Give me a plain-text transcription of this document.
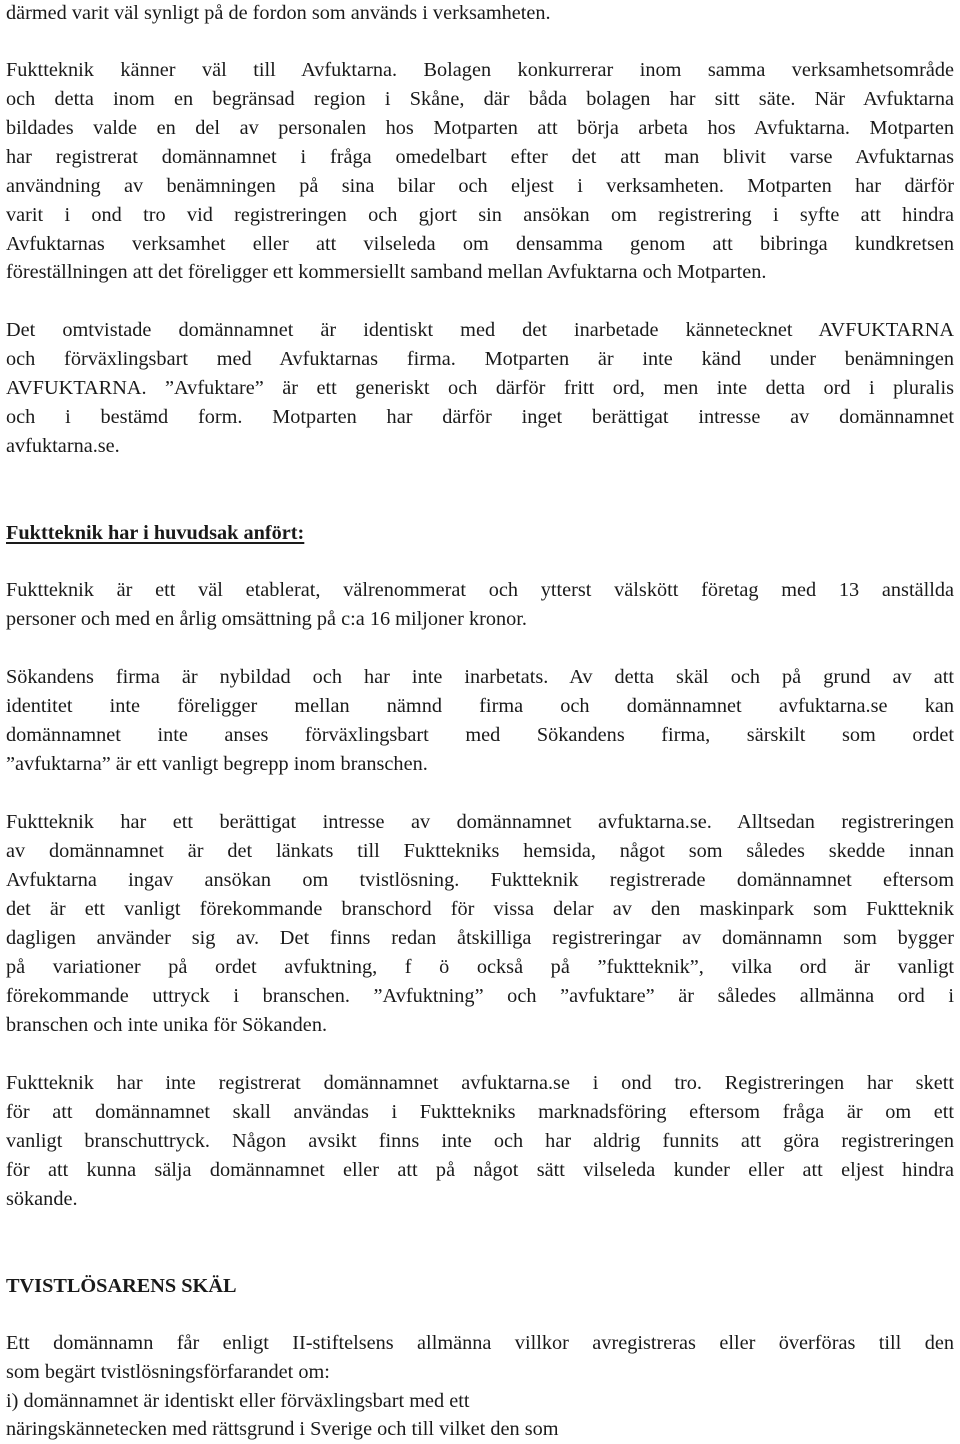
därmed varit väl synligt på de fordon som används i verksamheten.
Fuktteknik känner väl till Avfuktarna. Bolagen konkurrerar inom samma verksamhetsområde
och detta inom en begränsad region i Skåne, där båda bolagen har sitt säte. När Avfuktarna
bildades valde en del av personalen hos Motparten att börja arbeta hos Avfuktarna. Motparten
har registrerat domännamnet i fråga omedelbart efter det att man blivit varse Avfuktarnas
användning av benämningen på sina bilar och eljest i verksamheten. Motparten har därför
varit i ond tro vid registreringen och gjort sin ansökan om registrering i syfte att hindra
Avfuktarnas verksamhet eller att vilseleda om densamma genom att bibringa kundkretsen
föreställningen att det föreligger ett kommersiellt samband mellan Avfuktarna och Motparten.
Det omtvistade domännamnet är identiskt med det inarbetade kännetecknet AVFUKTARNA
och förväxlingsbart med Avfuktarnas firma. Motparten är inte känd under benämningen
AVFUKTARNA. ”Avfuktare” är ett generiskt och därför fritt ord, men inte detta ord i pluralis
och i bestämd form. Motparten har därför inget berättigat intresse av domännamnet
avfuktarna.se.
Fuktteknik har i huvudsak anfört:
Fuktteknik är ett väl etablerat, välrenommerat och ytterst välskött företag med 13 anställda
personer och med en årlig omsättning på c:a 16 miljoner kronor.
Sökandens firma är nybildad och har inte inarbetats. Av detta skäl och på grund av att
identitet inte föreligger mellan nämnd firma och domännamnet avfuktarna.se kan
domännamnet inte anses förväxlingsbart med Sökandens firma, särskilt som ordet
”avfuktarna” är ett vanligt begrepp inom branschen.
Fuktteknik har ett berättigat intresse av domännamnet avfuktarna.se. Alltsedan registreringen
av domännamnet är det länkats till Fukttekniks hemsida, något som således skedde innan
Avfuktarna ingav ansökan om tvistlösning. Fuktteknik registrerade domännamnet eftersom
det är ett vanligt förekommande branschord för vissa delar av den maskinpark som Fuktteknik
dagligen använder sig av. Det finns redan åtskilliga registreringar av domännamn som bygger
på variationer på ordet avfuktning, f ö också på ”fuktteknik”, vilka ord är vanligt
förekommande uttryck i branschen. ”Avfuktning” och ”avfuktare” är således allmänna ord i
branschen och inte unika för Sökanden.
Fuktteknik har inte registrerat domännamnet avfuktarna.se i ond tro. Registreringen har skett
för att domännamnet skall användas i Fukttekniks marknadsföring eftersom fråga är om ett
vanligt branschuttryck. Någon avsikt finns inte och har aldrig funnits att göra registreringen
för att kunna sälja domännamnet eller att på något sätt vilseleda kunder eller att eljest hindra
sökande.
TVISTLÖSARENS SKÄL
Ett domännamn får enligt II-stiftelsens allmänna villkor avregistreras eller överföras till den
som begärt tvistlösningsförfarandet om:
i) domännamnet är identiskt eller förväxlingsbart med ett
näringskännetecken med rättsgrund i Sverige och till vilket den som
